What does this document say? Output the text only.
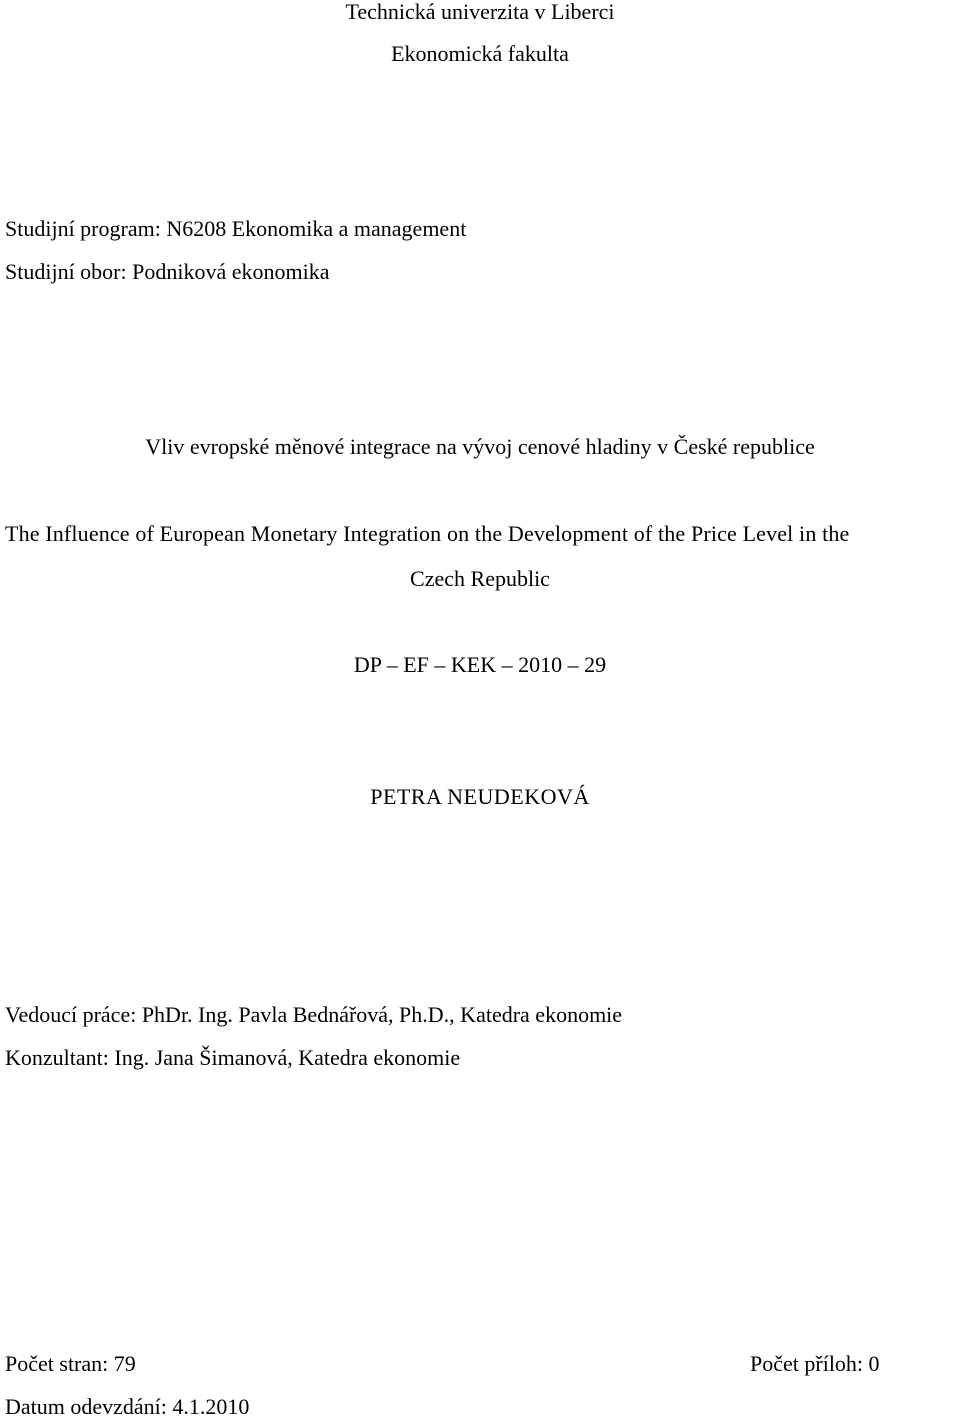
Technická univerzita v Liberci
Ekonomická fakulta
Studijní program: N6208 Ekonomika a management
Studijní obor: Podniková ekonomika
Vliv evropské měnové integrace na vývoj cenové hladiny v České republice
The Influence of European Monetary Integration on the Development of the Price Level in the
Czech Republic
DP – EF – KEK – 2010 – 29
PETRA NEUDEKOVÁ
Vedoucí práce: PhDr. Ing. Pavla Bednářová, Ph.D., Katedra ekonomie
Konzultant: Ing. Jana Šimanová, Katedra ekonomie
Počet stran: 79	Počet příloh: 0
Datum odevzdání: 4.1.2010
